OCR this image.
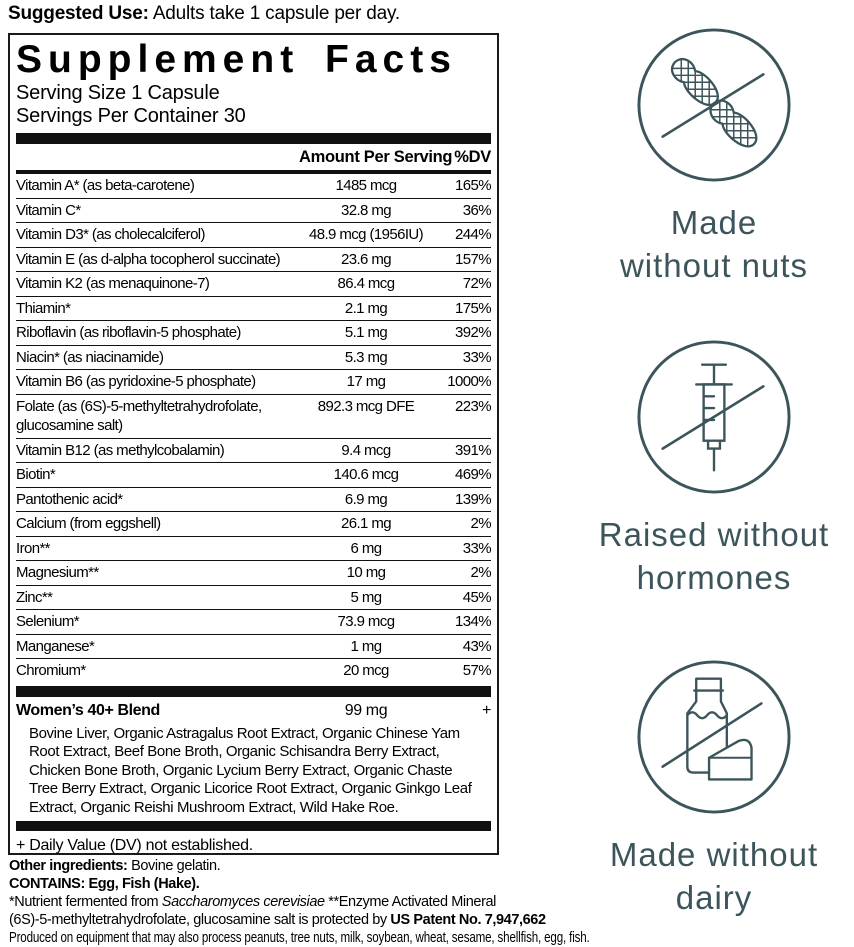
Suggested Use: Adults take 1 capsule per day.
Supplement Facts
Serving Size 1 Capsule
Servings Per Container 30
Amount Per Serving %DV
Vitamin A* (as beta-carotene)	1485 mcg	165%
Vitamin C*	32.8 mg	36%
Vitamin D3* (as cholecalciferol)	48.9 mcg (1956IU)	244%
Vitamin E (as d-alpha tocopherol succinate)	23.6 mg	157%
Vitamin K2 (as menaquinone-7)	86.4 mcg	72%
Thiamin*	2.1 mg	175%
Riboflavin (as riboflavin-5 phosphate)	5.1 mg	392%
Niacin* (as niacinamide)	5.3 mg	33%
Vitamin B6 (as pyridoxine-5 phosphate)	17 mg	1000%
Folate (as (6S)-5-methyltetrahydrofolate, glucosamine salt)
892.3 mcg DFE	223%
Vitamin B12 (as methylcobalamin)	9.4 mcg	391%
Biotin*	140.6 mcg	469%
Pantothenic acid*	6.9 mg	139%
Calcium (from eggshell)	26.1 mg	2%
Iron**	6 mg	33%
Magnesium**	10 mg	2%
Zinc**	5 mg	45%
Selenium*	73.9 mcg	134%
Manganese*	1 mg	43%
Chromium*	20 mcg	57%
Women’s 40+ Blend	99 mg	+
Bovine Liver, Organic Astragalus Root Extract, Organic Chinese Yam Root Extract, Beef Bone Broth, Organic Schisandra Berry Extract, Chicken Bone Broth, Organic Lycium Berry Extract, Organic Chaste Tree Berry Extract, Organic Licorice Root Extract, Organic Ginkgo Leaf Extract, Organic Reishi Mushroom Extract, Wild Hake Roe.
+ Daily Value (DV) not established.
Other ingredients: Bovine gelatin.
CONTAINS: Egg, Fish (Hake).
*Nutrient fermented from Saccharomyces cerevisiae **Enzyme Activated Mineral
(6S)-5-methyltetrahydrofolate, glucosamine salt is protected by US Patent No. 7,947,662
Produced on equipment that may also process peanuts, tree nuts, milk, soybean, wheat, sesame, shellfish, egg, fish.
Made
without nuts
Raised without
hormones
Made without
dairy
